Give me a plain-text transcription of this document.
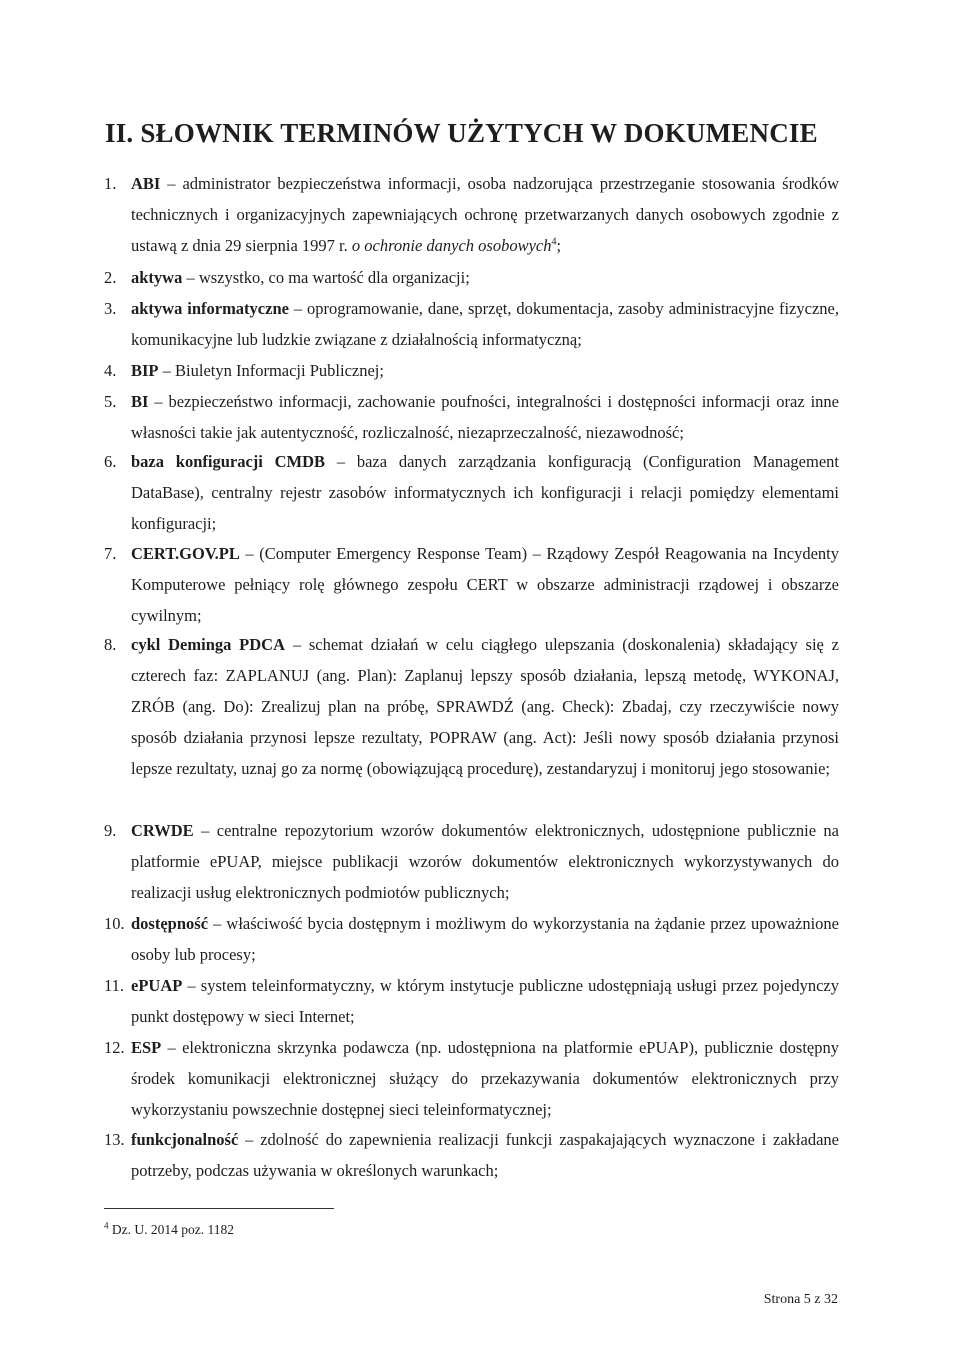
II. SŁOWNIK TERMINÓW UŻYTYCH W DOKUMENCIE
1. ABI – administrator bezpieczeństwa informacji, osoba nadzorująca przestrzeganie stosowania środków technicznych i organizacyjnych zapewniających ochronę przetwarzanych danych osobowych zgodnie z ustawą z dnia 29 sierpnia 1997 r. o ochronie danych osobowych$^4$;
2. aktywa – wszystko, co ma wartość dla organizacji;
3. aktywa informatyczne – oprogramowanie, dane, sprzęt, dokumentacja, zasoby administracyjne fizyczne, komunikacyjne lub ludzkie związane z działalnością informatyczną;
4. BIP – Biuletyn Informacji Publicznej;
5. BI – bezpieczeństwo informacji, zachowanie poufności, integralności i dostępności informacji oraz inne własności takie jak autentyczność, rozliczalność, niezaprzeczalność, niezawodność;
6. baza konfiguracji CMDB – baza danych zarządzania konfiguracją (Configuration Management DataBase), centralny rejestr zasobów informatycznych ich konfiguracji i relacji pomiędzy elementami konfiguracji;
7. CERT.GOV.PL – (Computer Emergency Response Team) – Rządowy Zespół Reagowania na Incydenty Komputerowe pełniący rolę głównego zespołu CERT w obszarze administracji rządowej i obszarze cywilnym;
8. cykl Deminga PDCA – schemat działań w celu ciągłego ulepszania (doskonalenia) składający się z czterech faz: ZAPLANUJ (ang. Plan): Zaplanuj lepszy sposób działania, lepszą metodę, WYKONAJ, ZRÓB (ang. Do): Zrealizuj plan na próbę, SPRAWDŹ (ang. Check): Zbadaj, czy rzeczywiście nowy sposób działania przynosi lepsze rezultaty, POPRAW (ang. Act): Jeśli nowy sposób działania przynosi lepsze rezultaty, uznaj go za normę (obowiązującą procedurę), zestandaryzuj i monitoruj jego stosowanie;
9. CRWDE – centralne repozytorium wzorów dokumentów elektronicznych, udostępnione publicznie na platformie ePUAP, miejsce publikacji wzorów dokumentów elektronicznych wykorzystywanych do realizacji usług elektronicznych podmiotów publicznych;
10. dostępność – właściwość bycia dostępnym i możliwym do wykorzystania na żądanie przez upoważnione osoby lub procesy;
11. ePUAP – system teleinformatyczny, w którym instytucje publiczne udostępniają usługi przez pojedynczy punkt dostępowy w sieci Internet;
12. ESP – elektroniczna skrzynka podawcza (np. udostępniona na platformie ePUAP), publicznie dostępny środek komunikacji elektronicznej służący do przekazywania dokumentów elektronicznych przy wykorzystaniu powszechnie dostępnej sieci teleinformatycznej;
13. funkcjonalność – zdolność do zapewnienia realizacji funkcji zaspakajających wyznaczone i zakładane potrzeby, podczas używania w określonych warunkach;
$^4$ Dz. U. 2014 poz. 1182
Strona 5 z 32
